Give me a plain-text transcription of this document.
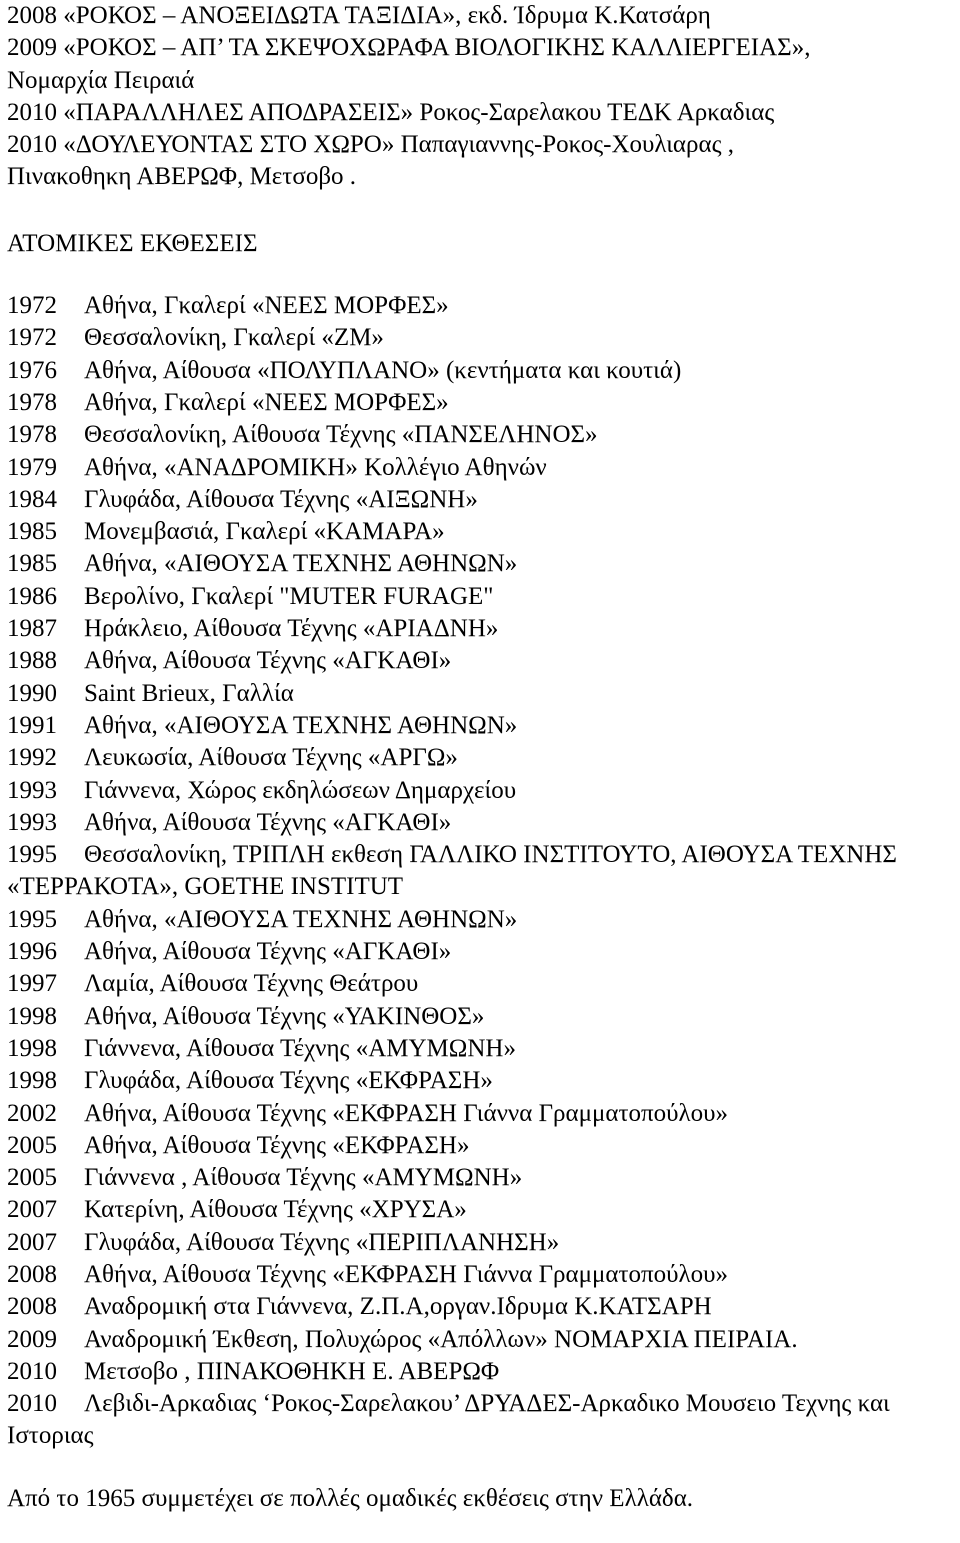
2008 «ΡΟΚΟΣ – ΑΝΟΞΕΙΔΩΤΑ ΤΑΞΙΔΙΑ», εκδ. Ίδρυμα Κ.Κατσάρη
2009 «ΡΟΚΟΣ – ΑΠ’ ΤΑ ΣΚΕΨΟΧΩΡΑΦΑ ΒΙΟΛΟΓΙΚΗΣ ΚΑΛΛΙΕΡΓΕΙΑΣ»,
Νομαρχία Πειραιά
2010 «ΠΑΡΑΛΛΗΛΕΣ ΑΠΟΔΡΑΣΕΙΣ» Ροκος-Σαρελακου ΤΕΔΚ Αρκαδιας
2010 «ΔΟΥΛΕΥΟΝΤΑΣ ΣΤΟ ΧΩΡΟ» Παπαγιαννης-Ροκος-Χουλιαρας ,
Πινακοθηκη ΑΒΕΡΩΦ, Μετσοβο .
ΑΤΟΜΙΚΕΣ ΕΚΘΕΣΕΙΣ
1972 Αθήνα, Γκαλερί «ΝΕΕΣ ΜΟΡΦΕΣ»
1972 Θεσσαλονίκη, Γκαλερί «ΖΜ»
1976 Αθήνα, Αίθουσα «ΠΟΛΥΠΛΑΝΟ» (κεντήματα και κουτιά)
1978 Αθήνα, Γκαλερί «ΝΕΕΣ ΜΟΡΦΕΣ»
1978 Θεσσαλονίκη, Αίθουσα Τέχνης «ΠΑΝΣΕΛΗΝΟΣ»
1979 Αθήνα, «ΑΝΑΔΡΟΜΙΚΗ» Κολλέγιο Αθηνών
1984 Γλυφάδα, Αίθουσα Τέχνης «ΑΙΞΩΝΗ»
1985 Μονεμβασιά, Γκαλερί «ΚΑΜΑΡΑ»
1985 Αθήνα, «ΑΙΘΟΥΣΑ ΤΕΧΝΗΣ ΑΘΗΝΩΝ»
1986 Βερολίνο, Γκαλερί "MUTER FURAGE"
1987 Ηράκλειο, Αίθουσα Τέχνης «ΑΡΙΑΔΝΗ»
1988 Αθήνα, Αίθουσα Τέχνης «ΑΓΚΑΘΙ»
1990 Saint Brieux, Γαλλία
1991 Αθήνα, «ΑΙΘΟΥΣΑ ΤΕΧΝΗΣ ΑΘΗΝΩΝ»
1992 Λευκωσία, Αίθουσα Τέχνης «ΑΡΓΩ»
1993 Γιάννενα, Χώρος εκδηλώσεων Δημαρχείου
1993 Αθήνα, Αίθουσα Τέχνης «ΑΓΚΑΘΙ»
1995 Θεσσαλονίκη, ΤΡΙΠΛΗ εκθεση ΓΑΛΛΙΚΟ ΙΝΣΤΙΤΟΥΤΟ, ΑΙΘΟΥΣΑ ΤΕΧΝΗΣ «ΤΕΡΡΑΚΟΤΑ», GOETHE INSTITUT
1995 Αθήνα, «ΑΙΘΟΥΣΑ ΤΕΧΝΗΣ ΑΘΗΝΩΝ»
1996 Αθήνα, Αίθουσα Τέχνης «ΑΓΚΑΘΙ»
1997 Λαμία, Αίθουσα Τέχνης Θεάτρου
1998 Αθήνα, Αίθουσα Τέχνης «ΥΑΚΙΝΘΟΣ»
1998 Γιάννενα, Αίθουσα Τέχνης «ΑΜΥΜΩΝΗ»
1998 Γλυφάδα, Αίθουσα Τέχνης «ΕΚΦΡΑΣΗ»
2002 Αθήνα, Αίθουσα Τέχνης «ΕΚΦΡΑΣΗ Γιάννα Γραμματοπούλου»
2005 Αθήνα, Αίθουσα Τέχνης «ΕΚΦΡΑΣΗ»
2005 Γιάννενα , Αίθουσα Τέχνης «ΑΜΥΜΩΝΗ»
2007 Κατερίνη, Αίθουσα Τέχνης «ΧΡΥΣΑ»
2007 Γλυφάδα, Αίθουσα Τέχνης «ΠΕΡΙΠΛΑΝΗΣΗ»
2008 Αθήνα, Αίθουσα Τέχνης «ΕΚΦΡΑΣΗ Γιάννα Γραμματοπούλου»
2008 Αναδρομική στα Γιάννενα, Ζ.Π.Α,οργαν.Ιδρυμα Κ.ΚΑΤΣΑΡΗ
2009 Αναδρομική Έκθεση, Πολυχώρος «Απόλλων» ΝΟΜΑΡΧΙΑ ΠΕΙΡΑΙΑ.
2010 Μετσοβο , ΠΙΝΑΚΟΘΗΚΗ Ε. ΑΒΕΡΩΦ
2010 Λεβιδι-Αρκαδιας ‘Ροκος-Σαρελακου’ ΔΡΥΑΔΕΣ-Αρκαδικο Μουσειο Τεχνης και Ιστοριας
Από το 1965 συμμετέχει σε πολλές ομαδικές εκθέσεις στην Ελλάδα.
